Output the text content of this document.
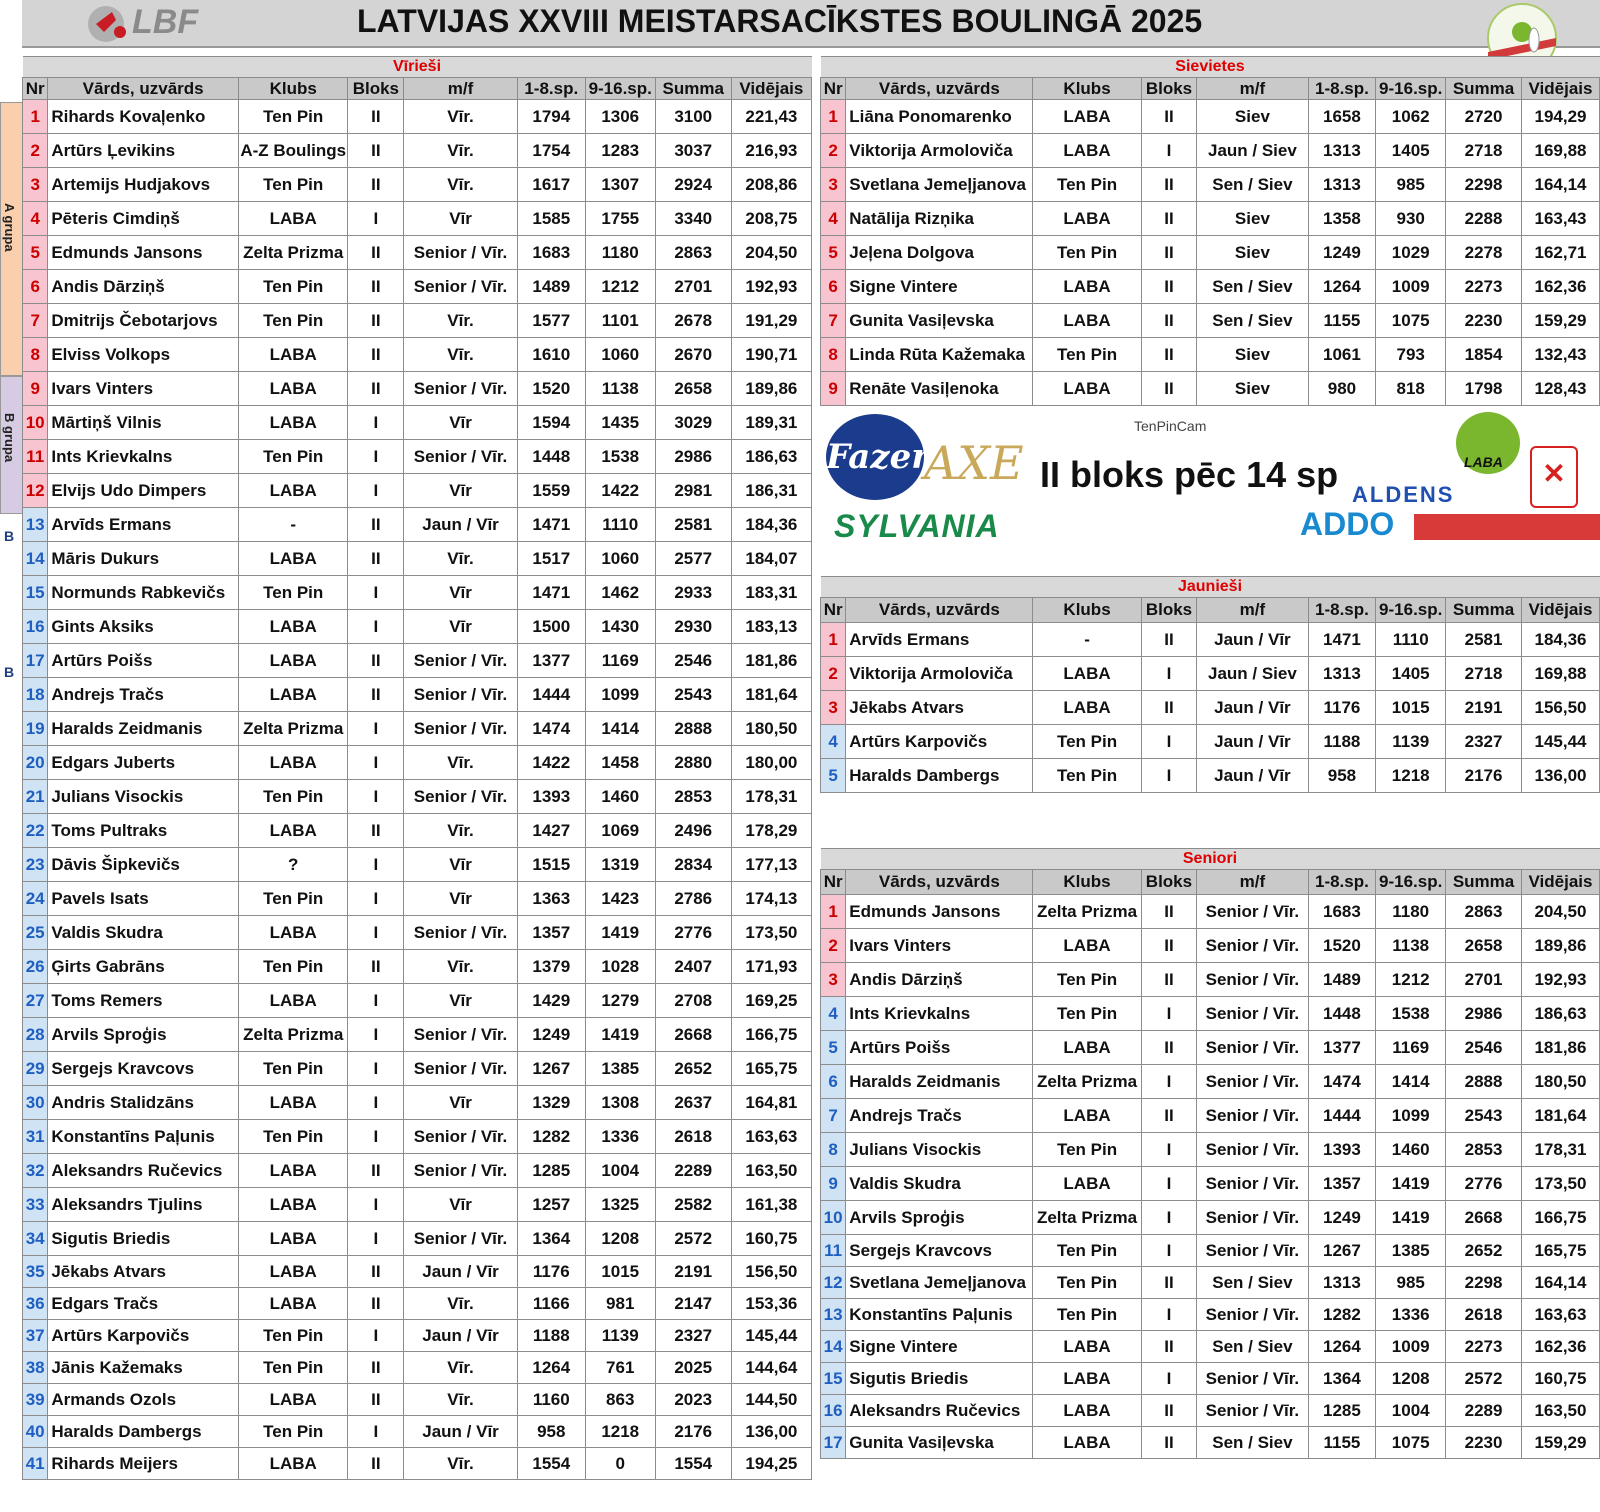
LBF	LATVIJAS XXVIII MEISTARSACĪKSTES BOULINGĀ 2025
A grupa
B grupa
B
B
Vīrieši								
Nr	Vārds, uzvārds	Klubs	Bloks	m/f	1-8.sp.	9-16.sp.	Summa	Vidējais
1	Rihards Kovaļenko	Ten Pin	II	Vīr.	1794	1306	3100	221,43
2	Artūrs Ļevikins	A-Z Boulings	II	Vīr.	1754	1283	3037	216,93
3	Artemijs Hudjakovs	Ten Pin	II	Vīr.	1617	1307	2924	208,86
4	Pēteris Cimdiņš	LABA	I	Vīr	1585	1755	3340	208,75
5	Edmunds Jansons	Zelta Prizma	II	Senior / Vīr.	1683	1180	2863	204,50
6	Andis Dārziņš	Ten Pin	II	Senior / Vīr.	1489	1212	2701	192,93
7	Dmitrijs Čebotarjovs	Ten Pin	II	Vīr.	1577	1101	2678	191,29
8	Elviss Volkops	LABA	II	Vīr.	1610	1060	2670	190,71
9	Ivars Vinters	LABA	II	Senior / Vīr.	1520	1138	2658	189,86
10	Mārtiņš Vilnis	LABA	I	Vīr	1594	1435	3029	189,31
11	Ints Krievkalns	Ten Pin	I	Senior / Vīr.	1448	1538	2986	186,63
12	Elvijs Udo Dimpers	LABA	I	Vīr	1559	1422	2981	186,31
13	Arvīds Ermans	-	II	Jaun / Vīr	1471	1110	2581	184,36
14	Māris Dukurs	LABA	II	Vīr.	1517	1060	2577	184,07
15	Normunds Rabkevičs	Ten Pin	I	Vīr	1471	1462	2933	183,31
16	Gints Aksiks	LABA	I	Vīr	1500	1430	2930	183,13
17	Artūrs Poišs	LABA	II	Senior / Vīr.	1377	1169	2546	181,86
18	Andrejs Tračs	LABA	II	Senior / Vīr.	1444	1099	2543	181,64
19	Haralds Zeidmanis	Zelta Prizma	I	Senior / Vīr.	1474	1414	2888	180,50
20	Edgars Juberts	LABA	I	Vīr.	1422	1458	2880	180,00
21	Julians Visockis	Ten Pin	I	Senior / Vīr.	1393	1460	2853	178,31
22	Toms Pultraks	LABA	II	Vīr.	1427	1069	2496	178,29
23	Dāvis Šipkevičs	?	I	Vīr	1515	1319	2834	177,13
24	Pavels Isats	Ten Pin	I	Vīr	1363	1423	2786	174,13
25	Valdis Skudra	LABA	I	Senior / Vīr.	1357	1419	2776	173,50
26	Ģirts Gabrāns	Ten Pin	II	Vīr.	1379	1028	2407	171,93
27	Toms Remers	LABA	I	Vīr	1429	1279	2708	169,25
28	Arvils Sproģis	Zelta Prizma	I	Senior / Vīr.	1249	1419	2668	166,75
29	Sergejs Kravcovs	Ten Pin	I	Senior / Vīr.	1267	1385	2652	165,75
30	Andris Stalidzāns	LABA	I	Vīr	1329	1308	2637	164,81
31	Konstantīns Paļunis	Ten Pin	I	Senior / Vīr.	1282	1336	2618	163,63
32	Aleksandrs Ručevics	LABA	II	Senior / Vīr.	1285	1004	2289	163,50
33	Aleksandrs Tjulins	LABA	I	Vīr	1257	1325	2582	161,38
34	Sigutis Briedis	LABA	I	Senior / Vīr.	1364	1208	2572	160,75
35	Jēkabs Atvars	LABA	II	Jaun / Vīr	1176	1015	2191	156,50
36	Edgars Tračs	LABA	II	Vīr.	1166	981	2147	153,36
37	Artūrs Karpovičs	Ten Pin	I	Jaun / Vīr	1188	1139	2327	145,44
38	Jānis Kažemaks	Ten Pin	II	Vīr.	1264	761	2025	144,64
39	Armands Ozols	LABA	II	Vīr.	1160	863	2023	144,50
40	Haralds Dambergs	Ten Pin	I	Jaun / Vīr	958	1218	2176	136,00
41	Rihards Meijers	LABA	II	Vīr.	1554	0	1554	194,25
Sievietes								
Nr	Vārds, uzvārds	Klubs	Bloks	m/f	1-8.sp.	9-16.sp.	Summa	Vidējais
1	Liāna Ponomarenko	LABA	II	Siev	1658	1062	2720	194,29
2	Viktorija Armoloviča	LABA	I	Jaun / Siev	1313	1405	2718	169,88
3	Svetlana Jemeļjanova	Ten Pin	II	Sen / Siev	1313	985	2298	164,14
4	Natālija Rizņika	LABA	II	Siev	1358	930	2288	163,43
5	Jeļena Dolgova	Ten Pin	II	Siev	1249	1029	2278	162,71
6	Signe Vintere	LABA	II	Sen / Siev	1264	1009	2273	162,36
7	Gunita Vasiļevska	LABA	II	Sen / Siev	1155	1075	2230	159,29
8	Linda Rūta Kažemaka	Ten Pin	II	Siev	1061	793	1854	132,43
9	Renāte Vasiļenoka	LABA	II	Siev	980	818	1798	128,43
Fazer
AXE
TenPinCam
II bloks pēc 14 sp ALDENS
LABA	✕
SYLVANIA	ADDO
Jaunieši								
Nr	Vārds, uzvārds	Klubs	Bloks	m/f	1-8.sp.	9-16.sp.	Summa	Vidējais
1	Arvīds Ermans	-	II	Jaun / Vīr	1471	1110	2581	184,36
2	Viktorija Armoloviča	LABA	I	Jaun / Siev	1313	1405	2718	169,88
3	Jēkabs Atvars	LABA	II	Jaun / Vīr	1176	1015	2191	156,50
4	Artūrs Karpovičs	Ten Pin	I	Jaun / Vīr	1188	1139	2327	145,44
5	Haralds Dambergs	Ten Pin	I	Jaun / Vīr	958	1218	2176	136,00
Seniori								
Nr	Vārds, uzvārds	Klubs	Bloks	m/f	1-8.sp.	9-16.sp.	Summa	Vidējais
1	Edmunds Jansons	Zelta Prizma	II	Senior / Vīr.	1683	1180	2863	204,50
2	Ivars Vinters	LABA	II	Senior / Vīr.	1520	1138	2658	189,86
3	Andis Dārziņš	Ten Pin	II	Senior / Vīr.	1489	1212	2701	192,93
4	Ints Krievkalns	Ten Pin	I	Senior / Vīr.	1448	1538	2986	186,63
5	Artūrs Poišs	LABA	II	Senior / Vīr.	1377	1169	2546	181,86
6	Haralds Zeidmanis	Zelta Prizma	I	Senior / Vīr.	1474	1414	2888	180,50
7	Andrejs Tračs	LABA	II	Senior / Vīr.	1444	1099	2543	181,64
8	Julians Visockis	Ten Pin	I	Senior / Vīr.	1393	1460	2853	178,31
9	Valdis Skudra	LABA	I	Senior / Vīr.	1357	1419	2776	173,50
10	Arvils Sproģis	Zelta Prizma	I	Senior / Vīr.	1249	1419	2668	166,75
11	Sergejs Kravcovs	Ten Pin	I	Senior / Vīr.	1267	1385	2652	165,75
12	Svetlana Jemeļjanova	Ten Pin	II	Sen / Siev	1313	985	2298	164,14
13	Konstantīns Paļunis	Ten Pin	I	Senior / Vīr.	1282	1336	2618	163,63
14	Signe Vintere	LABA	II	Sen / Siev	1264	1009	2273	162,36
15	Sigutis Briedis	LABA	I	Senior / Vīr.	1364	1208	2572	160,75
16	Aleksandrs Ručevics	LABA	II	Senior / Vīr.	1285	1004	2289	163,50
17	Gunita Vasiļevska	LABA	II	Sen / Siev	1155	1075	2230	159,29
